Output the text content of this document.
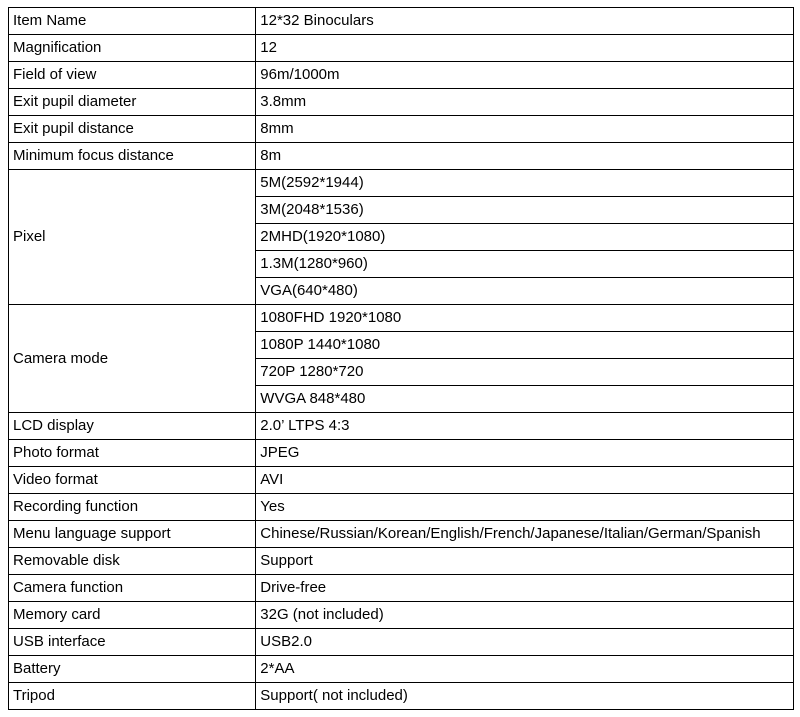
Item Name	12*32 Binoculars
Magnification	12
Field of view	96m/1000m
Exit pupil diameter	3.8mm
Exit pupil distance	8mm
Minimum focus distance	8m
Pixel	5M(2592*1944)
	3M(2048*1536)
	2MHD(1920*1080)
	1.3M(1280*960)
	VGA(640*480)
Camera mode	1080FHD 1920*1080
	1080P 1440*1080
	720P 1280*720
	WVGA 848*480
LCD display	2.0’ LTPS 4:3
Photo format	JPEG
Video format	AVI
Recording function	Yes
Menu language support	Chinese/Russian/Korean/English/French/Japanese/Italian/German/Spanish
Removable disk	Support
Camera function	Drive-free
Memory card	32G (not included)
USB interface	USB2.0
Battery	2*AA
Tripod	Support( not included)
